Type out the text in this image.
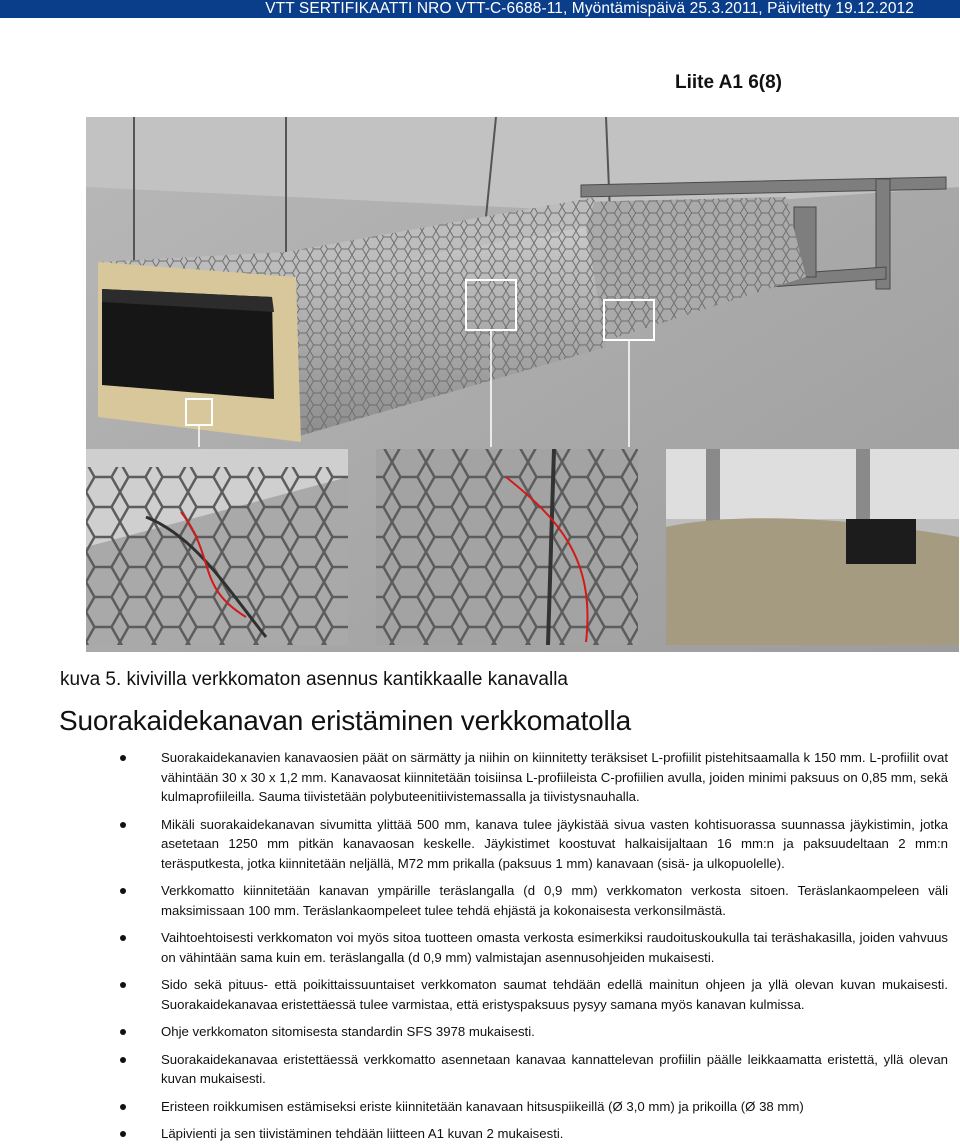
VTT SERTIFIKAATTI NRO VTT-C-6688-11, Myöntämispäivä 25.3.2011, Päivitetty 19.12.2012
Liite A1 6(8)
kuva 5. kivivilla verkkomaton asennus kantikkaalle kanavalla
Suorakaidekanavan eristäminen verkkomatolla
Suorakaidekanavien kanavaosien päät on särmätty ja niihin on kiinnitetty teräksiset L-profiilit pistehitsaamalla k 150 mm. L-profiilit ovat vähintään 30 x 30 x 1,2 mm. Kanavaosat kiinnitetään toisiinsa L-profiileista C-profiilien avulla, joiden minimi paksuus on 0,85 mm, sekä kulmaprofiileilla. Sauma tiivistetään polybuteenitiivistemassalla ja tiivistysnauhalla.
Mikäli suorakaidekanavan sivumitta ylittää 500 mm, kanava tulee jäykistää sivua vasten kohtisuorassa suunnassa jäykistimin, jotka asetetaan 1250 mm pitkän kanavaosan keskelle. Jäykistimet koostuvat halkaisijaltaan 16 mm:n ja paksuudeltaan 2 mm:n teräsputkesta, jotka kiinnitetään neljällä, M72 mm prikalla (paksuus 1 mm) kanavaan (sisä- ja ulkopuolelle).
Verkkomatto kiinnitetään kanavan ympärille teräslangalla (d 0,9 mm) verkkomaton verkosta sitoen. Teräslankaompeleen väli maksimissaan 100 mm. Teräslankaompeleet tulee tehdä ehjästä ja kokonaisesta verkonsilmästä.
Vaihtoehtoisesti verkkomaton voi myös sitoa tuotteen omasta verkosta esimerkiksi raudoituskoukulla tai teräshakasilla, joiden vahvuus on vähintään sama kuin em. teräslangalla (d 0,9 mm) valmistajan asennusohjeiden mukaisesti.
Sido sekä pituus- että poikittaissuuntaiset verkkomaton saumat tehdään edellä mainitun ohjeen ja yllä olevan kuvan mukaisesti. Suorakaidekanavaa eristettäessä tulee varmistaa, että eristyspaksuus pysyy samana myös kanavan kulmissa.
Ohje verkkomaton sitomisesta standardin SFS 3978 mukaisesti.
Suorakaidekanavaa eristettäessä verkkomatto asennetaan kanavaa kannattelevan profiilin päälle leikkaamatta eristettä, yllä olevan kuvan mukaisesti.
Eristeen roikkumisen estämiseksi eriste kiinnitetään kanavaan hitsuspiikeillä (Ø 3,0 mm) ja prikoilla (Ø 38 mm)
Läpivienti ja sen tiivistäminen tehdään liitteen A1 kuvan 2 mukaisesti.
